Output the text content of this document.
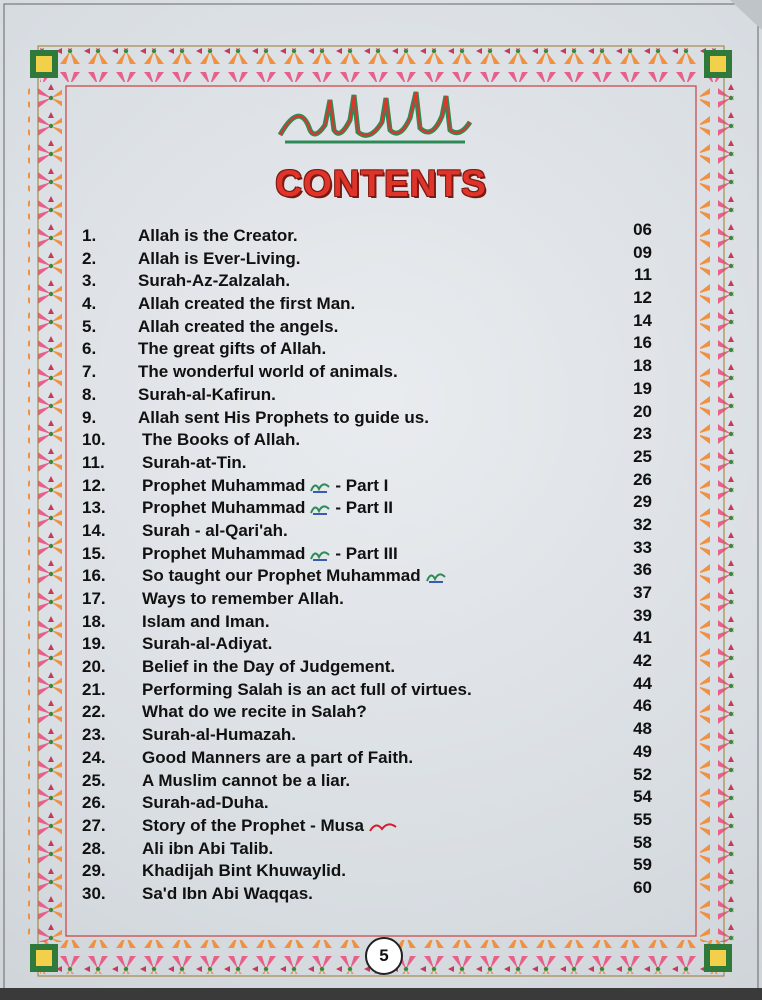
CONTENTS
1. Allah is the Creator.	06
2. Allah is Ever-Living.	09
3. Surah-Az-Zalzalah.	11
4. Allah created the first Man.	12
5. Allah created the angels.	14
6. The great gifts of Allah.	16
7. The wonderful world of animals.	18
8. Surah-al-Kafirun.	19
9. Allah sent His Prophets to guide us.	20
10. The Books of Allah.	23
11. Surah-at-Tin.	25
12. Prophet Muhammad - Part I	26
13. Prophet Muhammad - Part II	29
14. Surah - al-Qari'ah.	32
15. Prophet Muhammad - Part III	33
16. So taught our Prophet Muhammad	36
17. Ways to remember Allah.	37
18. Islam and Iman.	39
19. Surah-al-Adiyat.	41
20. Belief in the Day of Judgement.	42
21. Performing Salah is an act full of virtues.	44
22. What do we recite in Salah?	46
23. Surah-al-Humazah.	48
24. Good Manners are a part of Faith.	49
25. A Muslim cannot be a liar.	52
26. Surah-ad-Duha.	54
27. Story of the Prophet - Musa	55
28. Ali ibn Abi Talib.	58
29. Khadijah Bint Khuwaylid.	59
30. Sa'd Ibn Abi Waqqas.	60
5
